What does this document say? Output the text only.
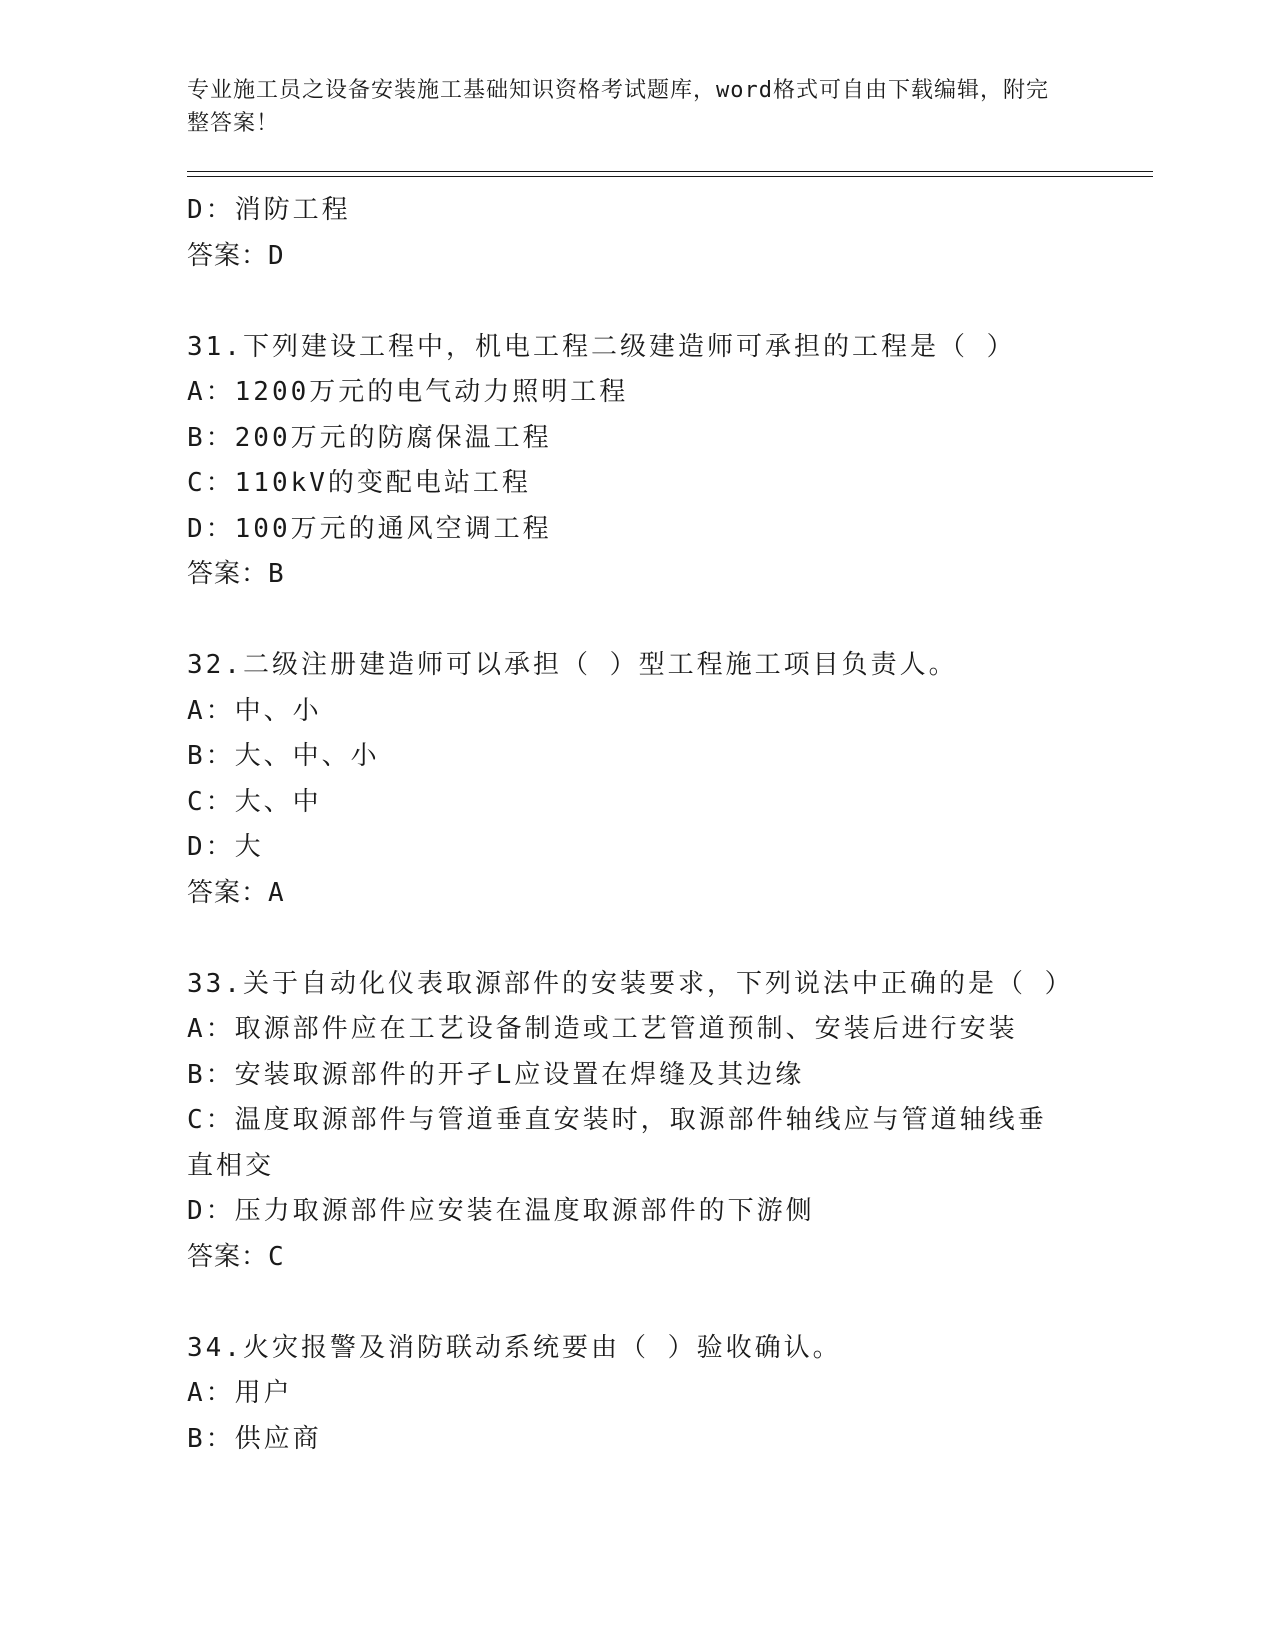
专业施工员之设备安装施工基础知识资格考试题库，word格式可自由下载编辑，附完整答案！
D：消防工程
答案：D
31.下列建设工程中，机电工程二级建造师可承担的工程是（ ）
A：1200万元的电气动力照明工程
B：200万元的防腐保温工程
C：110kV的变配电站工程
D：100万元的通风空调工程
答案：B
32.二级注册建造师可以承担（ ）型工程施工项目负责人。
A：中、小
B：大、中、小
C：大、中
D：大
答案：A
33.关于自动化仪表取源部件的安装要求，下列说法中正确的是（ ）
A：取源部件应在工艺设备制造或工艺管道预制、安装后进行安装
B：安装取源部件的开孑L应设置在焊缝及其边缘
C：温度取源部件与管道垂直安装时，取源部件轴线应与管道轴线垂直相交
D：压力取源部件应安装在温度取源部件的下游侧
答案：C
34.火灾报警及消防联动系统要由（ ）验收确认。
A：用户
B：供应商
